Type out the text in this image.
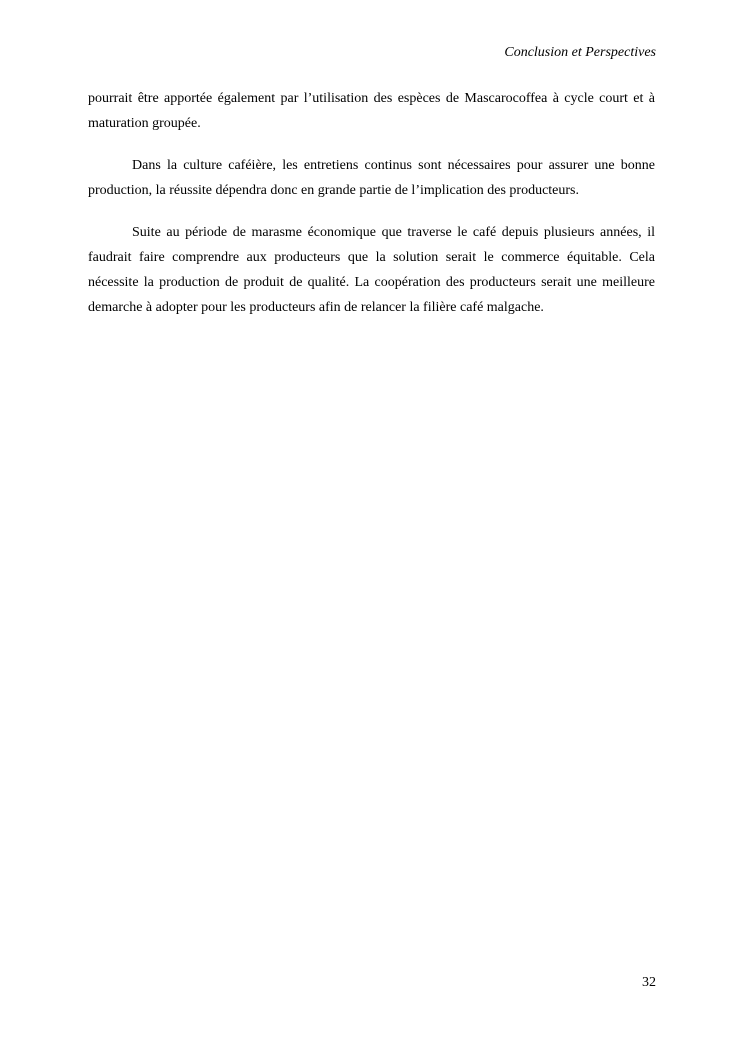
Conclusion et Perspectives

pourrait être apportée également par l’utilisation des espèces de Mascarocoffea à cycle court et à maturation groupée.

Dans la culture caféière, les entretiens continus sont nécessaires pour assurer une bonne production, la réussite dépendra donc en grande partie de l’implication des producteurs.

Suite au période de marasme économique que traverse le café depuis plusieurs années, il faudrait faire comprendre aux producteurs que la solution serait le commerce équitable. Cela nécessite la production de produit de qualité. La coopération des producteurs serait une meilleure demarche à adopter pour les producteurs afin de relancer la filière café malgache.

32
